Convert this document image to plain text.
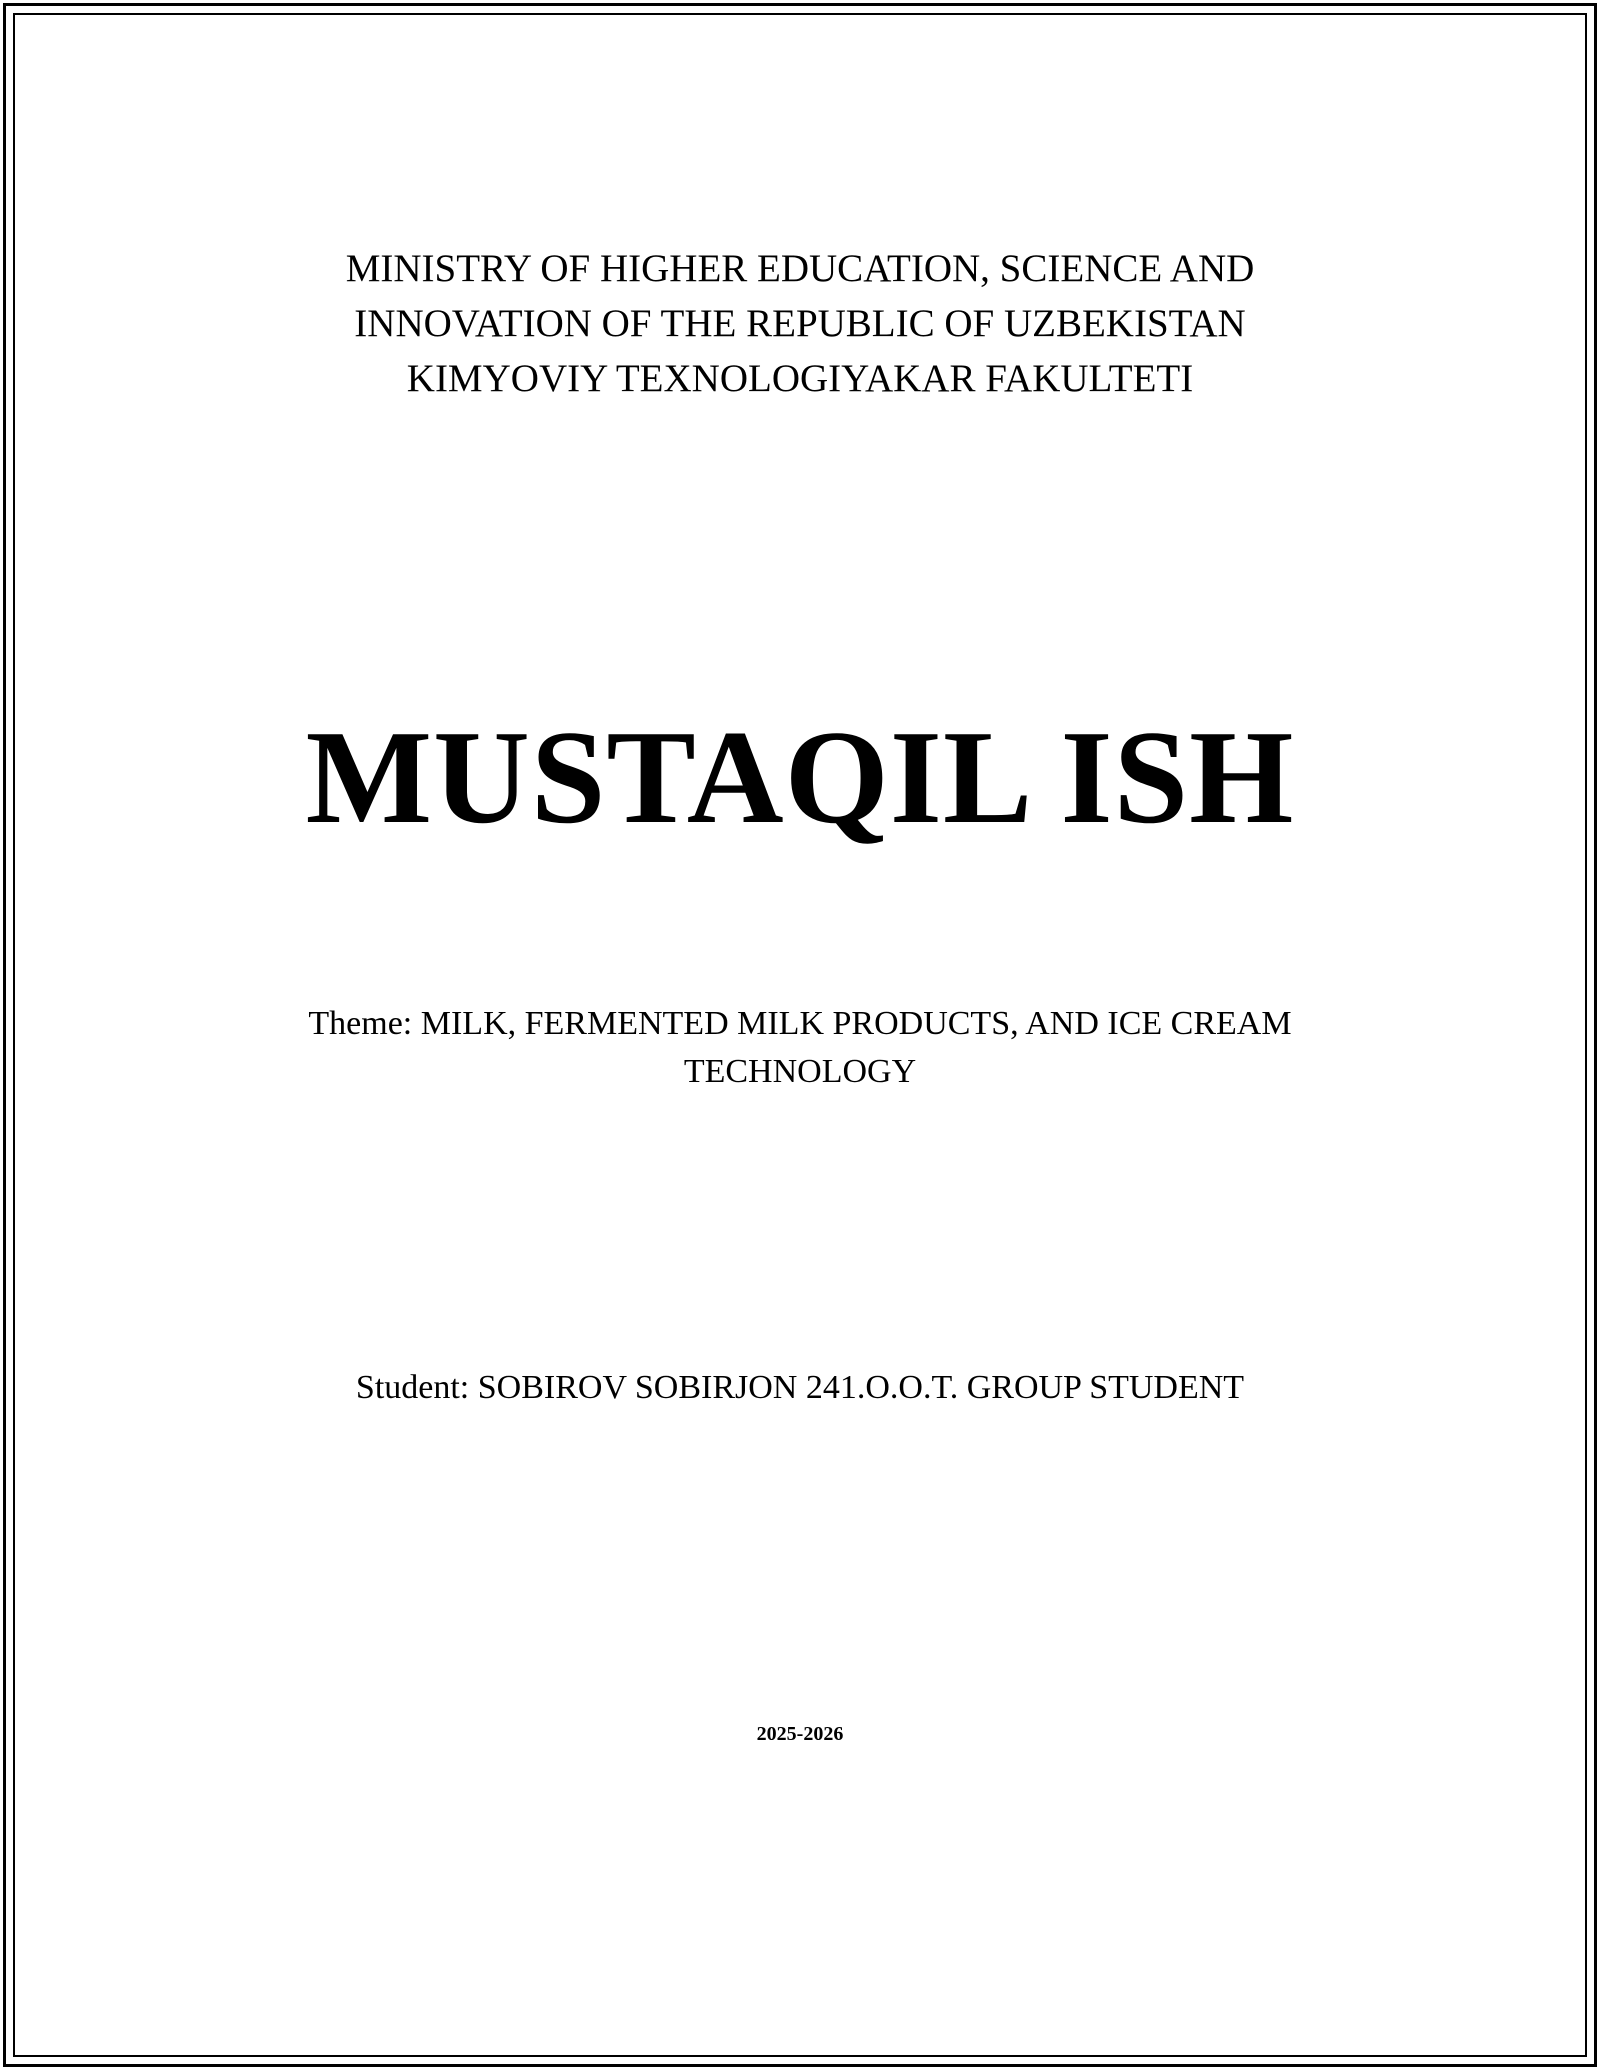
MINISTRY OF HIGHER EDUCATION, SCIENCE AND
INNOVATION OF THE REPUBLIC OF UZBEKISTAN
KIMYOVIY TEXNOLOGIYAKAR FAKULTETI
MUSTAQIL ISH
Theme: MILK, FERMENTED MILK PRODUCTS, AND ICE CREAM
TECHNOLOGY
Student: SOBIROV SOBIRJON 241.O.O.T. GROUP STUDENT
2025-2026
